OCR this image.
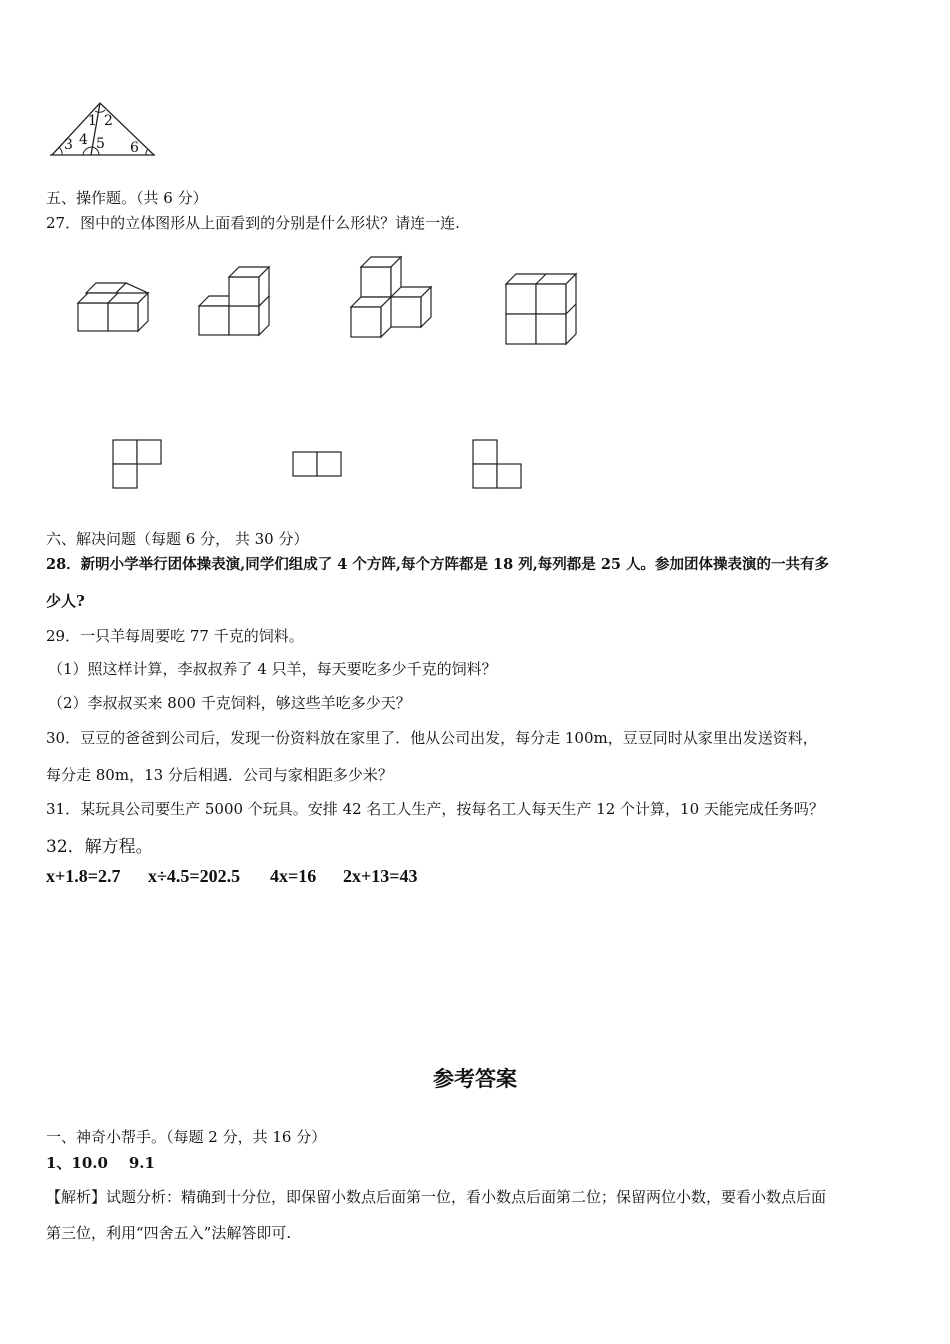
1 2
3 4 5 6
五、操作题。（共 6 分）
27．图中的立体图形从上面看到的分别是什么形状？请连一连.
六、解决问题（每题 6 分， 共 30 分）
28．新明小学举行团体操表演,同学们组成了 4 个方阵,每个方阵都是 18 列,每列都是 25 人。参加团体操表演的一共有多
少人?
29．一只羊每周要吃 77 千克的饲料。
（1）照这样计算，李叔叔养了 4 只羊，每天要吃多少千克的饲料？
（2）李叔叔买来 800 千克饲料，够这些羊吃多少天？
30．豆豆的爸爸到公司后，发现一份资料放在家里了．他从公司出发，每分走 100m，豆豆同时从家里出发送资料，
每分走 80m，13 分后相遇．公司与家相距多少米？
31．某玩具公司要生产 5000 个玩具。安排 42 名工人生产，按每名工人每天生产 12 个计算，10 天能完成任务吗？
32．解方程。
x+1.8=2.7 x÷4.5=202.5 4x=16 2x+13=43
参考答案
一、神奇小帮手。（每题 2 分，共 16 分）
1、10.0    9.1
【解析】试题分析：精确到十分位，即保留小数点后面第一位，看小数点后面第二位；保留两位小数，要看小数点后面
第三位，利用“四舍五入”法解答即可.
